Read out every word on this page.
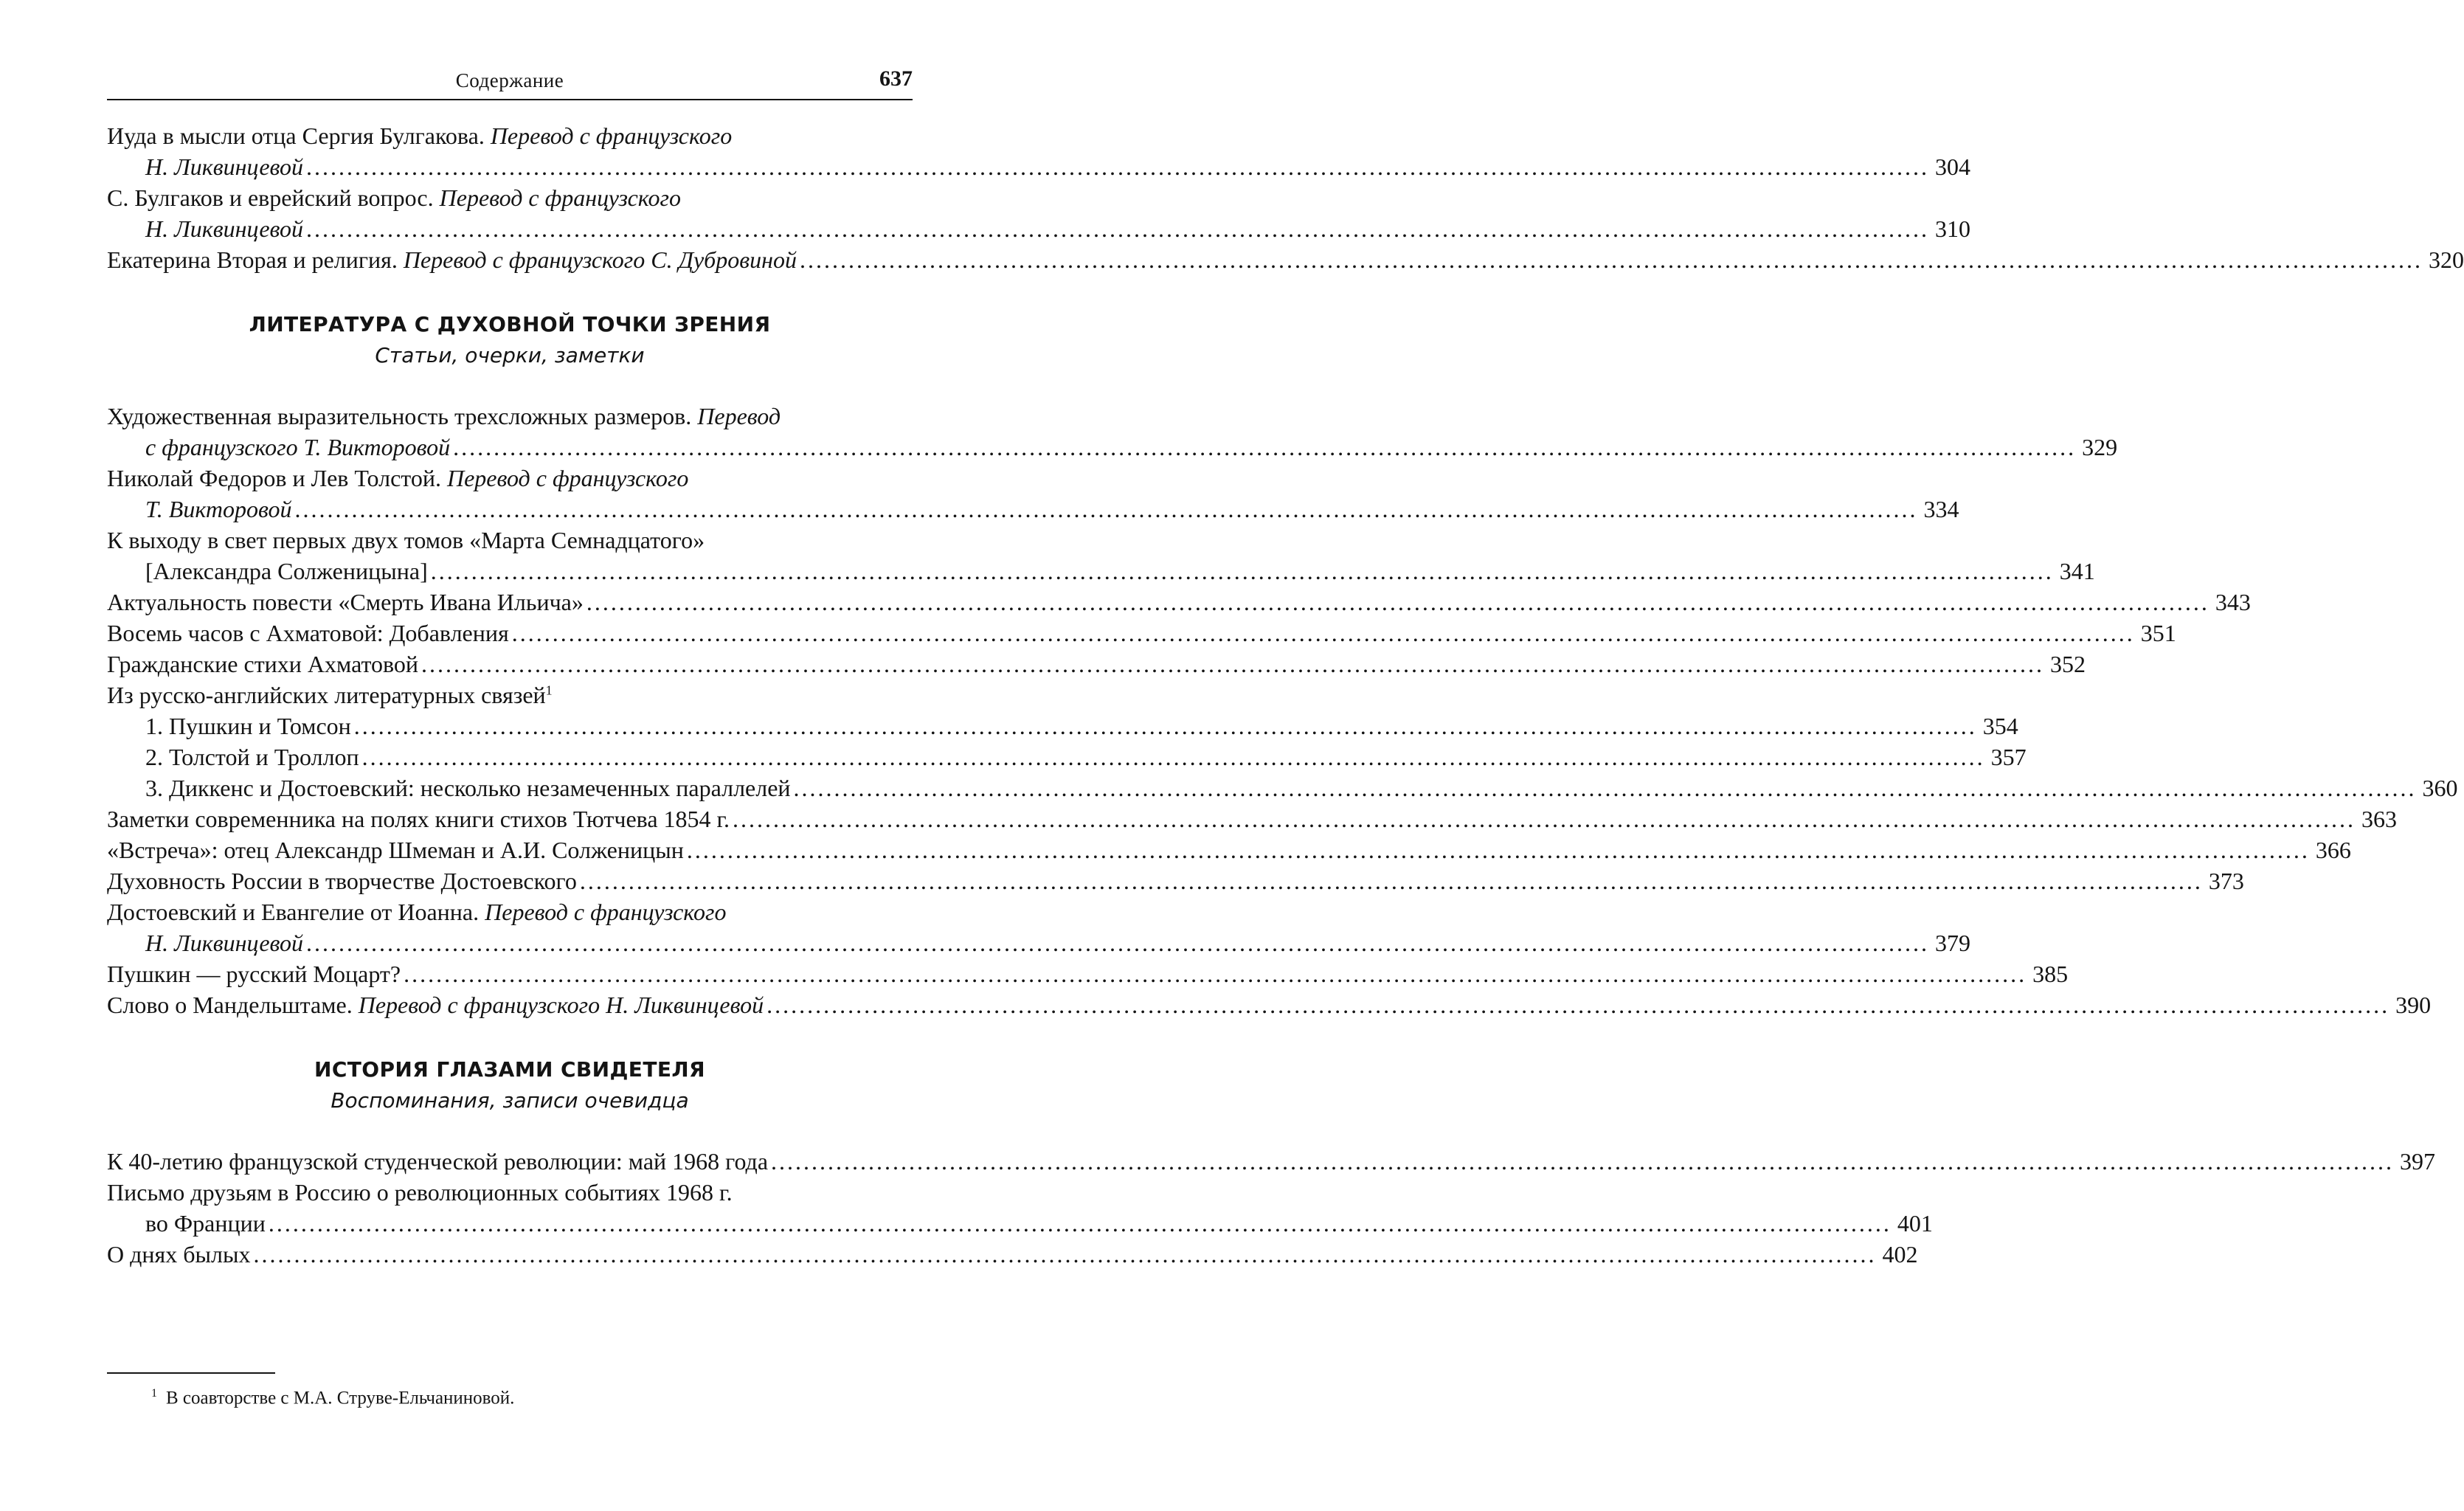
Содержание	637
Иуда в мысли отца Сергия Булгакова. Перевод с французского
Н. Ликвинцевой ........................................................................................................................................................................................................ 304
С. Булгаков и еврейский вопрос. Перевод с французского
Н. Ликвинцевой ........................................................................................................................................................................................................ 310
Екатерина Вторая и религия. Перевод с французского С. Дубровиной ........................................................................................................................................................................................................ 320
ЛИТЕРАТУРА С ДУХОВНОЙ ТОЧКИ ЗРЕНИЯ
Статьи, очерки, заметки
Художественная выразительность трехсложных размеров. Перевод
с французского Т. Викторовой ........................................................................................................................................................................................................ 329
Николай Федоров и Лев Толстой. Перевод с французского
Т. Викторовой ........................................................................................................................................................................................................ 334
К выходу в свет первых двух томов «Марта Семнадцатого»
[Александра Солженицына] ........................................................................................................................................................................................................ 341
Актуальность повести «Смерть Ивана Ильича» ........................................................................................................................................................................................................ 343
Восемь часов с Ахматовой: Добавления ........................................................................................................................................................................................................ 351
Гражданские стихи Ахматовой ........................................................................................................................................................................................................ 352
Из русско-английских литературных связей$^1$
1. Пушкин и Томсон ........................................................................................................................................................................................................ 354
2. Толстой и Троллоп ........................................................................................................................................................................................................ 357
3. Диккенс и Достоевский: несколько незамеченных параллелей ........................................................................................................................................................................................................ 360
Заметки современника на полях книги стихов Тютчева 1854 г. ........................................................................................................................................................................................................ 363
«Встреча»: отец Александр Шмеман и А.И. Солженицын ........................................................................................................................................................................................................ 366
Духовность России в творчестве Достоевского ........................................................................................................................................................................................................ 373
Достоевский и Евангелие от Иоанна. Перевод с французского
Н. Ликвинцевой ........................................................................................................................................................................................................ 379
Пушкин — русский Моцарт? ........................................................................................................................................................................................................ 385
Слово о Мандельштаме. Перевод с французского Н. Ликвинцевой ........................................................................................................................................................................................................ 390
ИСТОРИЯ ГЛАЗАМИ СВИДЕТЕЛЯ
Воспоминания, записи очевидца
К 40-летию французской студенческой революции: май 1968 года ........................................................................................................................................................................................................ 397
Письмо друзьям в Россию о революционных событиях 1968 г.
во Франции ........................................................................................................................................................................................................ 401
О днях былых ........................................................................................................................................................................................................ 402
$^1$ В соавторстве с М.А. Струве-Ельчаниновой.
